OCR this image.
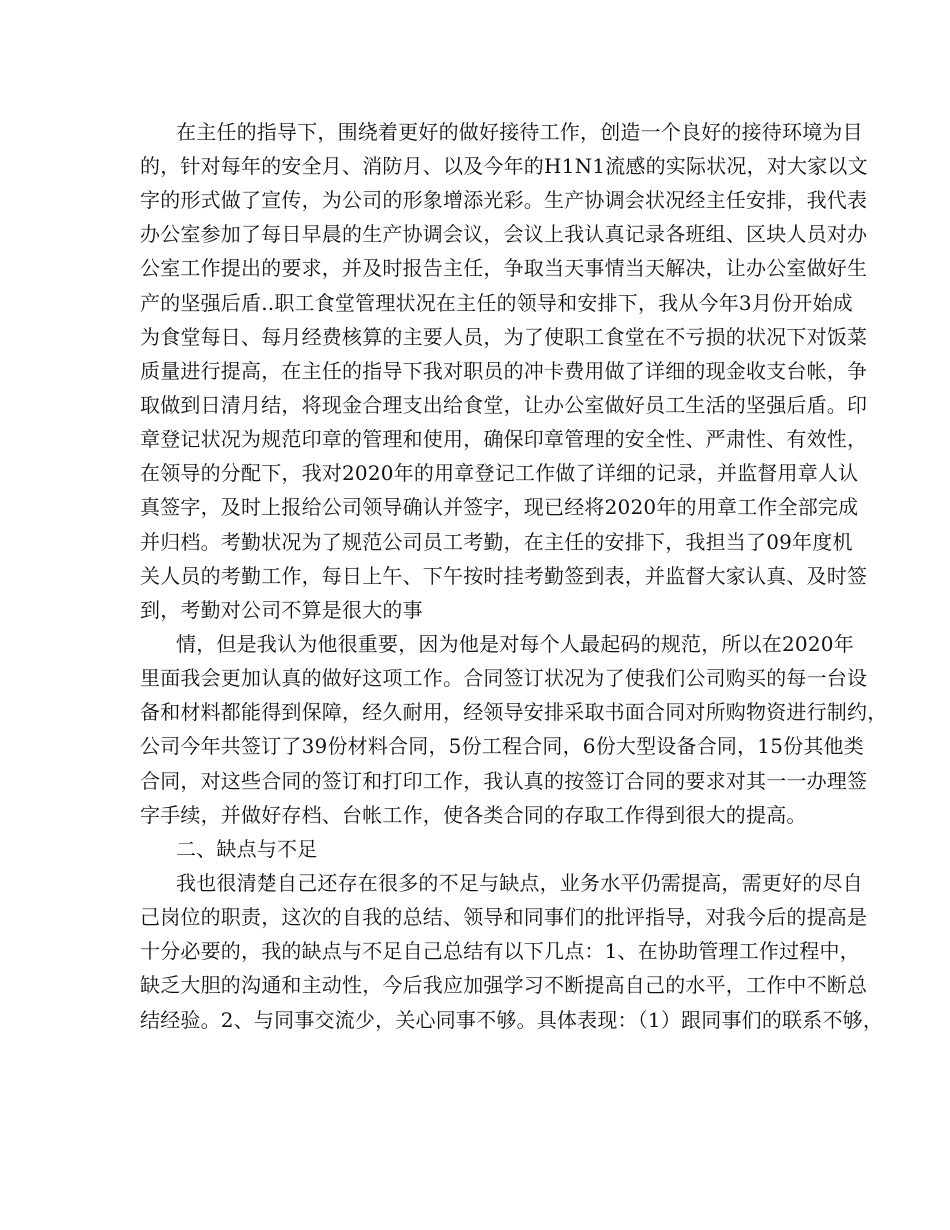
在主任的指导下，围绕着更好的做好接待工作，创造一个良好的接待环境为目
的，针对每年的安全月、消防月、以及今年的H1N1流感的实际状况，对大家以文
字的形式做了宣传，为公司的形象增添光彩。生产协调会状况经主任安排，我代表
办公室参加了每日早晨的生产协调会议，会议上我认真记录各班组、区块人员对办
公室工作提出的要求，并及时报告主任，争取当天事情当天解决，让办公室做好生
产的坚强后盾..职工食堂管理状况在主任的领导和安排下，我从今年3月份开始成
为食堂每日、每月经费核算的主要人员，为了使职工食堂在不亏损的状况下对饭菜
质量进行提高，在主任的指导下我对职员的冲卡费用做了详细的现金收支台帐，争
取做到日清月结，将现金合理支出给食堂，让办公室做好员工生活的坚强后盾。印
章登记状况为规范印章的管理和使用，确保印章管理的安全性、严肃性、有效性，
在领导的分配下，我对2020年的用章登记工作做了详细的记录，并监督用章人认
真签字，及时上报给公司领导确认并签字，现已经将2020年的用章工作全部完成
并归档。考勤状况为了规范公司员工考勤，在主任的安排下，我担当了09年度机
关人员的考勤工作，每日上午、下午按时挂考勤签到表，并监督大家认真、及时签
到，考勤对公司不算是很大的事
情，但是我认为他很重要，因为他是对每个人最起码的规范，所以在2020年
里面我会更加认真的做好这项工作。合同签订状况为了使我们公司购买的每一台设
备和材料都能得到保障，经久耐用，经领导安排采取书面合同对所购物资进行制约，
公司今年共签订了39份材料合同，5份工程合同，6份大型设备合同，15份其他类
合同，对这些合同的签订和打印工作，我认真的按签订合同的要求对其一一办理签
字手续，并做好存档、台帐工作，使各类合同的存取工作得到很大的提高。
二、缺点与不足
我也很清楚自己还存在很多的不足与缺点，业务水平仍需提高，需更好的尽自
己岗位的职责，这次的自我的总结、领导和同事们的批评指导，对我今后的提高是
十分必要的，我的缺点与不足自己总结有以下几点：1、在协助管理工作过程中，
缺乏大胆的沟通和主动性，今后我应加强学习不断提高自己的水平，工作中不断总
结经验。2、与同事交流少，关心同事不够。具体表现：（1）跟同事们的联系不够，
